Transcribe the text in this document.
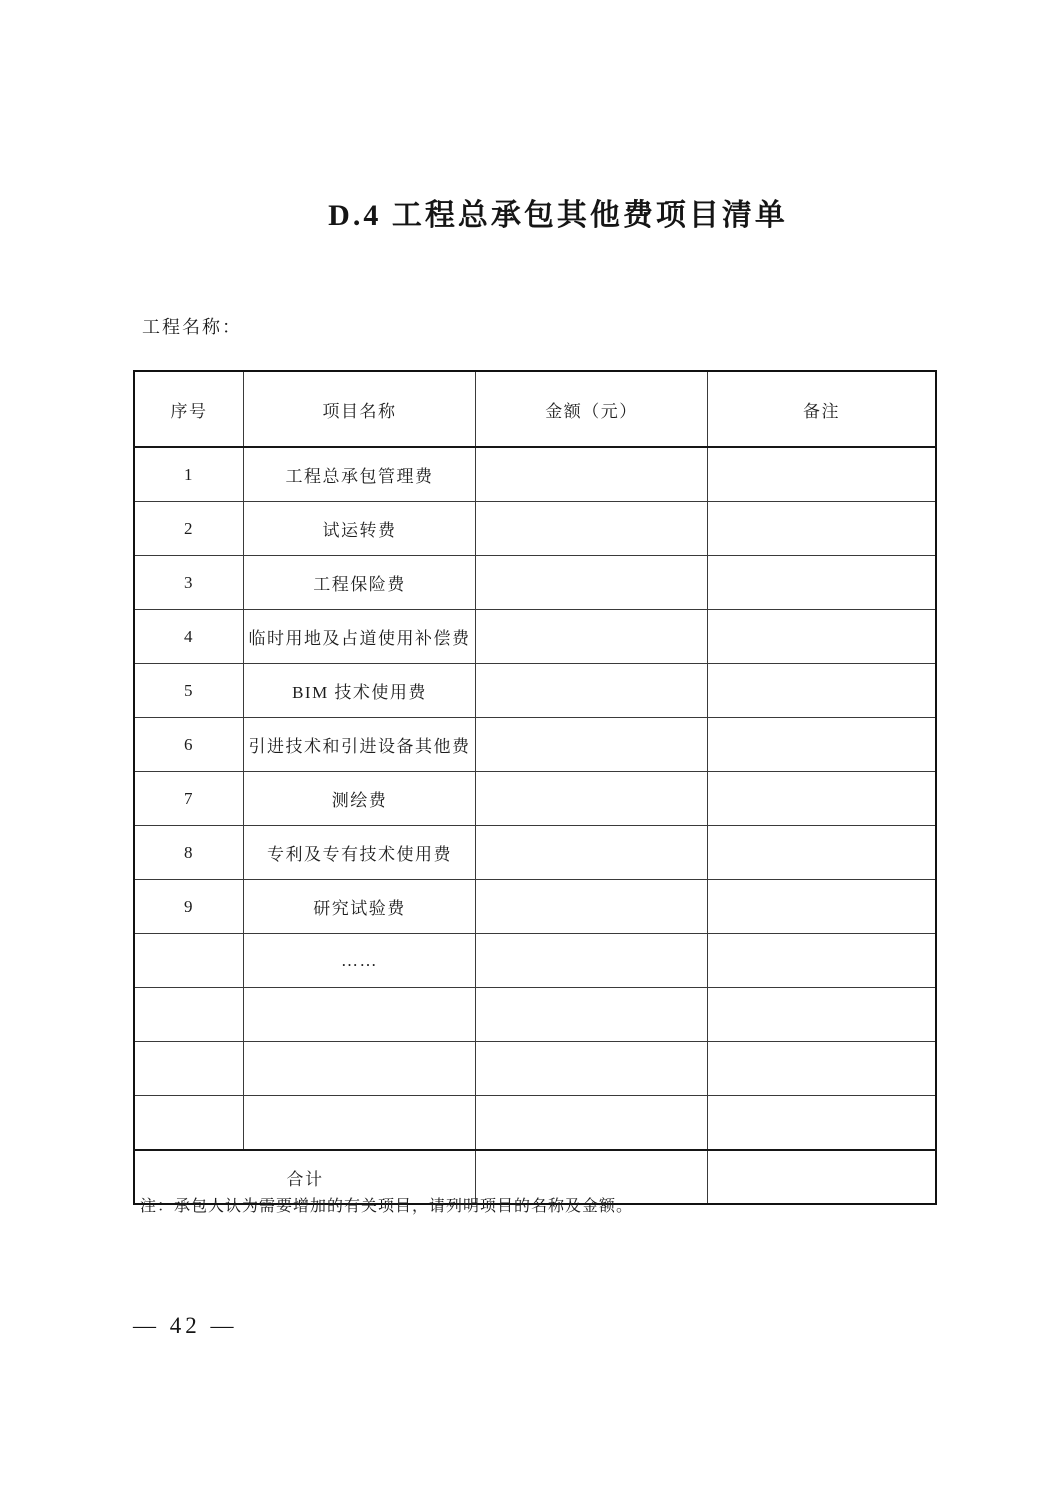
D.4 工程总承包其他费项目清单
工程名称：
序号	项目名称	金额（元）	备注
1	工程总承包管理费		
2	试运转费		
3	工程保险费		
4	临时用地及占道使用补偿费		
5	BIM 技术使用费		
6	引进技术和引进设备其他费		
7	测绘费		
8	专利及专有技术使用费		
9	研究试验费		
	……		

合计			
注：承包人认为需要增加的有关项目，请列明项目的名称及金额。
— 42 —
